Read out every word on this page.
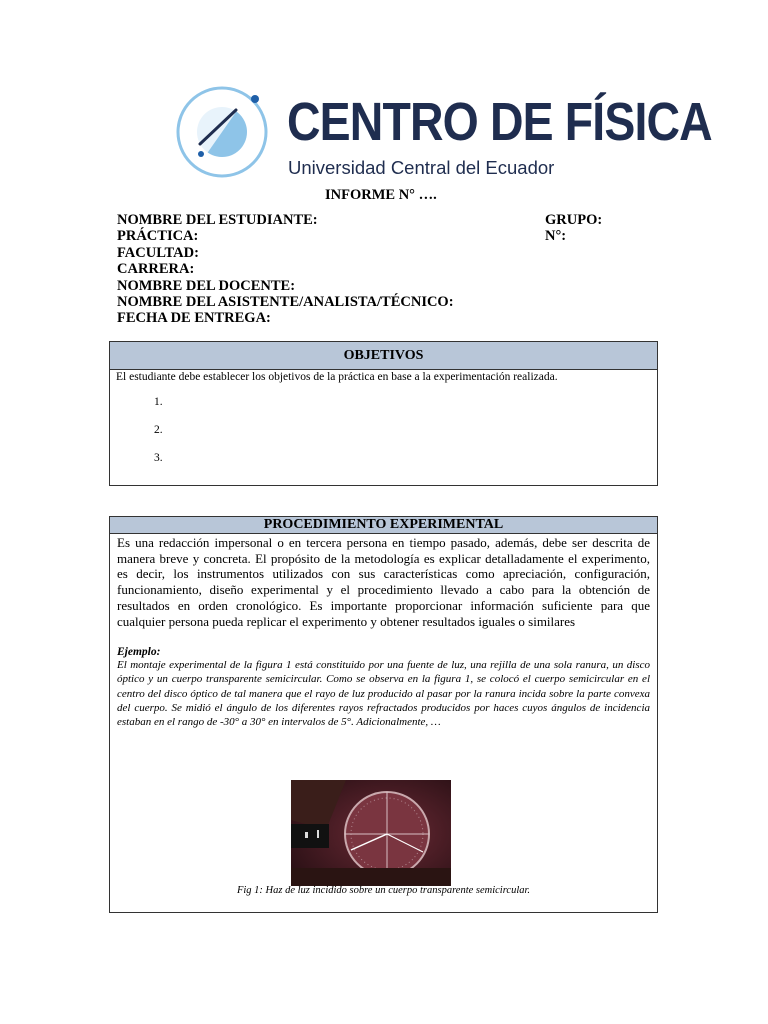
CENTRO DE FÍSICA
Universidad Central del Ecuador
INFORME N° ….
NOMBRE DEL ESTUDIANTE:
PRÁCTICA:
FACULTAD:
CARRERA:
NOMBRE DEL DOCENTE:
NOMBRE DEL ASISTENTE/ANALISTA/TÉCNICO:
FECHA DE ENTREGA:
GRUPO:
N°:
OBJETIVOS
El estudiante debe establecer los objetivos de la práctica en base a la experimentación realizada.
1.
2.
3.
PROCEDIMIENTO EXPERIMENTAL
Es una redacción impersonal o en tercera persona en tiempo pasado, además, debe ser descrita de manera breve y concreta. El propósito de la metodología es explicar detalladamente el experimento, es decir, los instrumentos utilizados con sus características como apreciación, configuración, funcionamiento, diseño experimental y el procedimiento llevado a cabo para la obtención de resultados en orden cronológico. Es importante proporcionar información suficiente para que cualquier persona pueda replicar el experimento y obtener resultados iguales o similares
Ejemplo:
El montaje experimental de la figura 1 está constituido por una fuente de luz, una rejilla de una sola ranura, un disco óptico y un cuerpo transparente semicircular. Como se observa en la figura 1, se colocó el cuerpo semicircular en el centro del disco óptico de tal manera que el rayo de luz producido al pasar por la ranura incida sobre la parte convexa del cuerpo. Se midió el ángulo de los diferentes rayos refractados producidos por haces cuyos ángulos de incidencia estaban en el rango de -30° a 30° en intervalos de 5°. Adicionalmente, …
Fig 1: Haz de luz incidido sobre un cuerpo transparente semicircular.
